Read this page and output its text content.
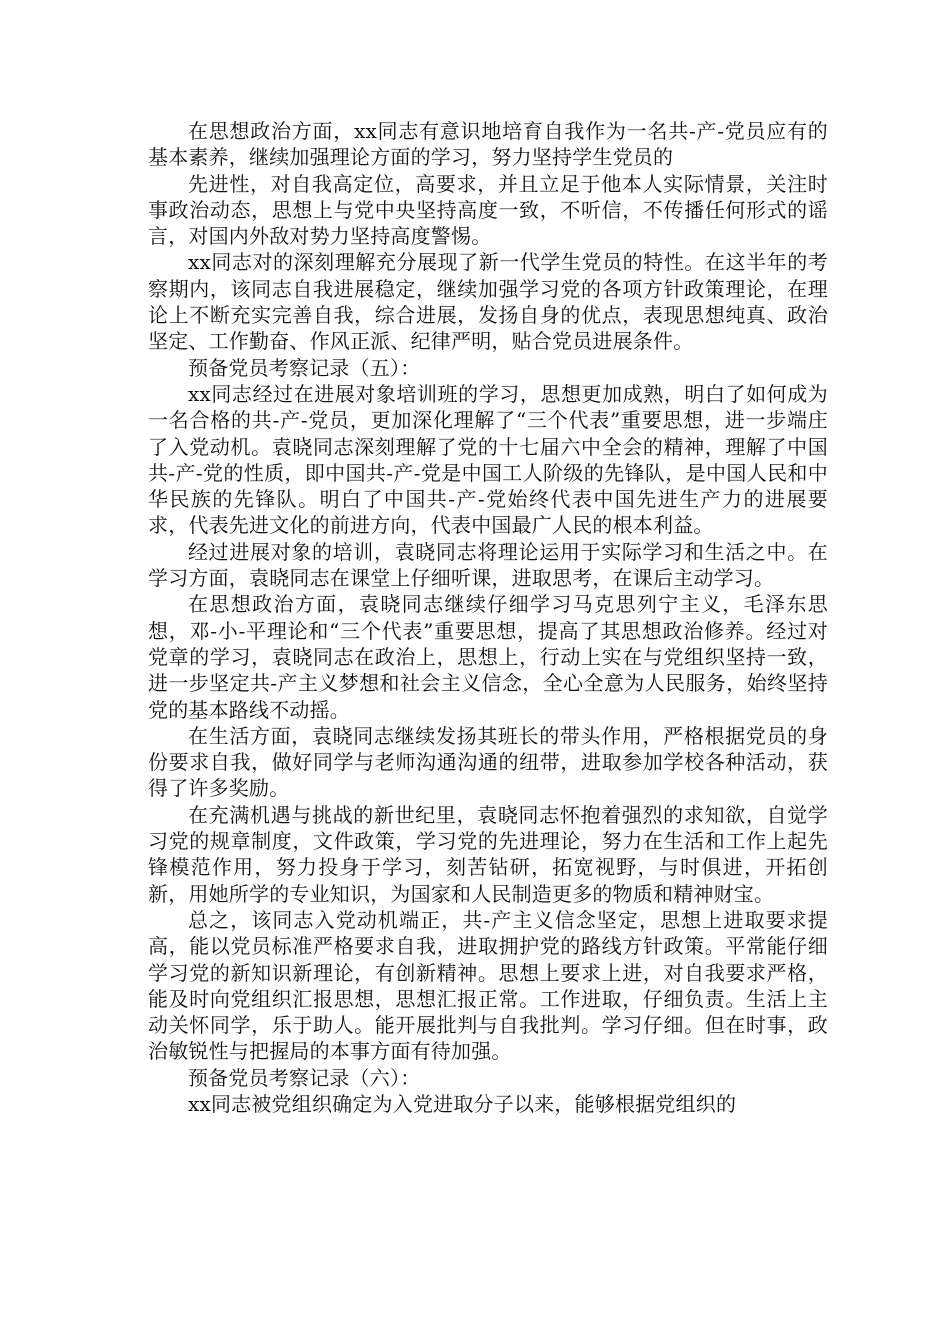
在思想政治方面，xx同志有意识地培育自我作为一名共-产-党员应有的基本素养，继续加强理论方面的学习，努力坚持学生党员的

先进性，对自我高定位，高要求，并且立足于他本人实际情景，关注时事政治动态，思想上与党中央坚持高度一致，不听信，不传播任何形式的谣言，对国内外敌对势力坚持高度警惕。

xx同志对的深刻理解充分展现了新一代学生党员的特性。在这半年的考察期内，该同志自我进展稳定，继续加强学习党的各项方针政策理论，在理论上不断充实完善自我，综合进展，发扬自身的优点，表现思想纯真、政治坚定、工作勤奋、作风正派、纪律严明，贴合党员进展条件。

预备党员考察记录（五）：

xx同志经过在进展对象培训班的学习，思想更加成熟，明白了如何成为一名合格的共-产-党员，更加深化理解了“三个代表”重要思想，进一步端庄了入党动机。袁晓同志深刻理解了党的十七届六中全会的精神，理解了中国共-产-党的性质，即中国共-产-党是中国工人阶级的先锋队，是中国人民和中华民族的先锋队。明白了中国共-产-党始终代表中国先进生产力的进展要求，代表先进文化的前进方向，代表中国最广人民的根本利益。

经过进展对象的培训，袁晓同志将理论运用于实际学习和生活之中。在学习方面，袁晓同志在课堂上仔细听课，进取思考，在课后主动学习。

在思想政治方面，袁晓同志继续仔细学习马克思列宁主义，毛泽东思想，邓-小-平理论和“三个代表”重要思想，提高了其思想政治修养。经过对党章的学习，袁晓同志在政治上，思想上，行动上实在与党组织坚持一致，进一步坚定共-产主义梦想和社会主义信念，全心全意为人民服务，始终坚持党的基本路线不动摇。

在生活方面，袁晓同志继续发扬其班长的带头作用，严格根据党员的身份要求自我，做好同学与老师沟通沟通的纽带，进取参加学校各种活动，获得了许多奖励。

在充满机遇与挑战的新世纪里，袁晓同志怀抱着强烈的求知欲，自觉学习党的规章制度，文件政策，学习党的先进理论，努力在生活和工作上起先锋模范作用，努力投身于学习，刻苦钻研，拓宽视野，与时俱进，开拓创新，用她所学的专业知识，为国家和人民制造更多的物质和精神财宝。

总之，该同志入党动机端正，共-产主义信念坚定，思想上进取要求提高，能以党员标准严格要求自我，进取拥护党的路线方针政策。平常能仔细学习党的新知识新理论，有创新精神。思想上要求上进，对自我要求严格，能及时向党组织汇报思想，思想汇报正常。工作进取，仔细负责。生活上主动关怀同学，乐于助人。能开展批判与自我批判。学习仔细。但在时事，政治敏锐性与把握局的本事方面有待加强。

预备党员考察记录（六）：

xx同志被党组织确定为入党进取分子以来，能够根据党组织的
